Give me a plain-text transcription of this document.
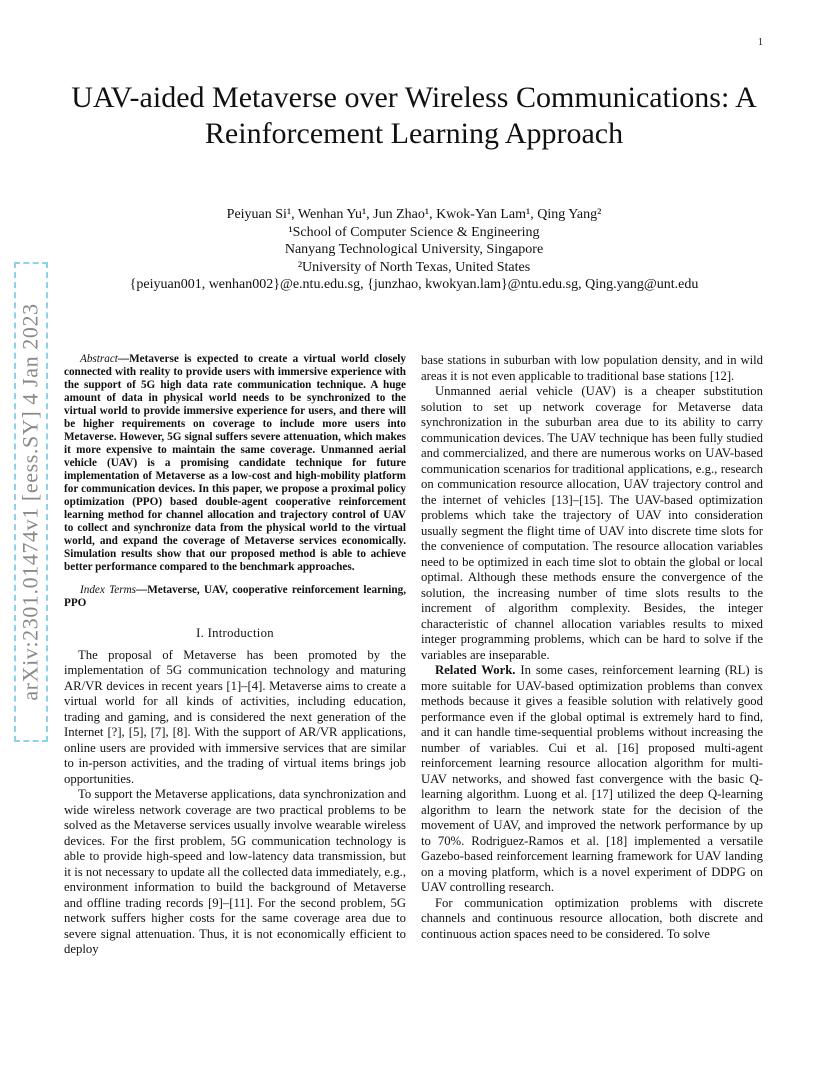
1
arXiv:2301.01474v1 [eess.SY] 4 Jan 2023
UAV-aided Metaverse over Wireless Communications: A Reinforcement Learning Approach
Peiyuan Si¹, Wenhan Yu¹, Jun Zhao¹, Kwok-Yan Lam¹, Qing Yang²
¹School of Computer Science & Engineering
Nanyang Technological University, Singapore
²University of North Texas, United States
{peiyuan001, wenhan002}@e.ntu.edu.sg, {junzhao, kwokyan.lam}@ntu.edu.sg, Qing.yang@unt.edu

Abstract—Metaverse is expected to create a virtual world closely connected with reality to provide users with immersive experience with the support of 5G high data rate communication technique. A huge amount of data in physical world needs to be synchronized to the virtual world to provide immersive experience for users, and there will be higher requirements on coverage to include more users into Metaverse. However, 5G signal suffers severe attenuation, which makes it more expensive to maintain the same coverage. Unmanned aerial vehicle (UAV) is a promising candidate technique for future implementation of Metaverse as a low-cost and high-mobility platform for communication devices. In this paper, we propose a proximal policy optimization (PPO) based double-agent cooperative reinforcement learning method for channel allocation and trajectory control of UAV to collect and synchronize data from the physical world to the virtual world, and expand the coverage of Metaverse services economically. Simulation results show that our proposed method is able to achieve better performance compared to the benchmark approaches.

Index Terms—Metaverse, UAV, cooperative reinforcement learning, PPO

I. Introduction

The proposal of Metaverse has been promoted by the implementation of 5G communication technology and maturing AR/VR devices in recent years [1]–[4]. Metaverse aims to create a virtual world for all kinds of activities, including education, trading and gaming, and is considered the next generation of the Internet [?], [5], [7], [8]. With the support of AR/VR applications, online users are provided with immersive services that are similar to in-person activities, and the trading of virtual items brings job opportunities.

To support the Metaverse applications, data synchronization and wide wireless network coverage are two practical problems to be solved as the Metaverse services usually involve wearable wireless devices. For the first problem, 5G communication technology is able to provide high-speed and low-latency data transmission, but it is not necessary to update all the collected data immediately, e.g., environment information to build the background of Metaverse and offline trading records [9]–[11]. For the second problem, 5G network suffers higher costs for the same coverage area due to severe signal attenuation. Thus, it is not economically efficient to deploy

base stations in suburban with low population density, and in wild areas it is not even applicable to traditional base stations [12].

Unmanned aerial vehicle (UAV) is a cheaper substitution solution to set up network coverage for Metaverse data synchronization in the suburban area due to its ability to carry communication devices. The UAV technique has been fully studied and commercialized, and there are numerous works on UAV-based communication scenarios for traditional applications, e.g., research on communication resource allocation, UAV trajectory control and the internet of vehicles [13]–[15]. The UAV-based optimization problems which take the trajectory of UAV into consideration usually segment the flight time of UAV into discrete time slots for the convenience of computation. The resource allocation variables need to be optimized in each time slot to obtain the global or local optimal. Although these methods ensure the convergence of the solution, the increasing number of time slots results to the increment of algorithm complexity. Besides, the integer characteristic of channel allocation variables results to mixed integer programming problems, which can be hard to solve if the variables are inseparable.

Related Work. In some cases, reinforcement learning (RL) is more suitable for UAV-based optimization problems than convex methods because it gives a feasible solution with relatively good performance even if the global optimal is extremely hard to find, and it can handle time-sequential problems without increasing the number of variables. Cui et al. [16] proposed multi-agent reinforcement learning resource allocation algorithm for multi-UAV networks, and showed fast convergence with the basic Q-learning algorithm. Luong et al. [17] utilized the deep Q-learning algorithm to learn the network state for the decision of the movement of UAV, and improved the network performance by up to 70%. Rodriguez-Ramos et al. [18] implemented a versatile Gazebo-based reinforcement learning framework for UAV landing on a moving platform, which is a novel experiment of DDPG on UAV controlling research.

For communication optimization problems with discrete channels and continuous resource allocation, both discrete and continuous action spaces need to be considered. To solve
